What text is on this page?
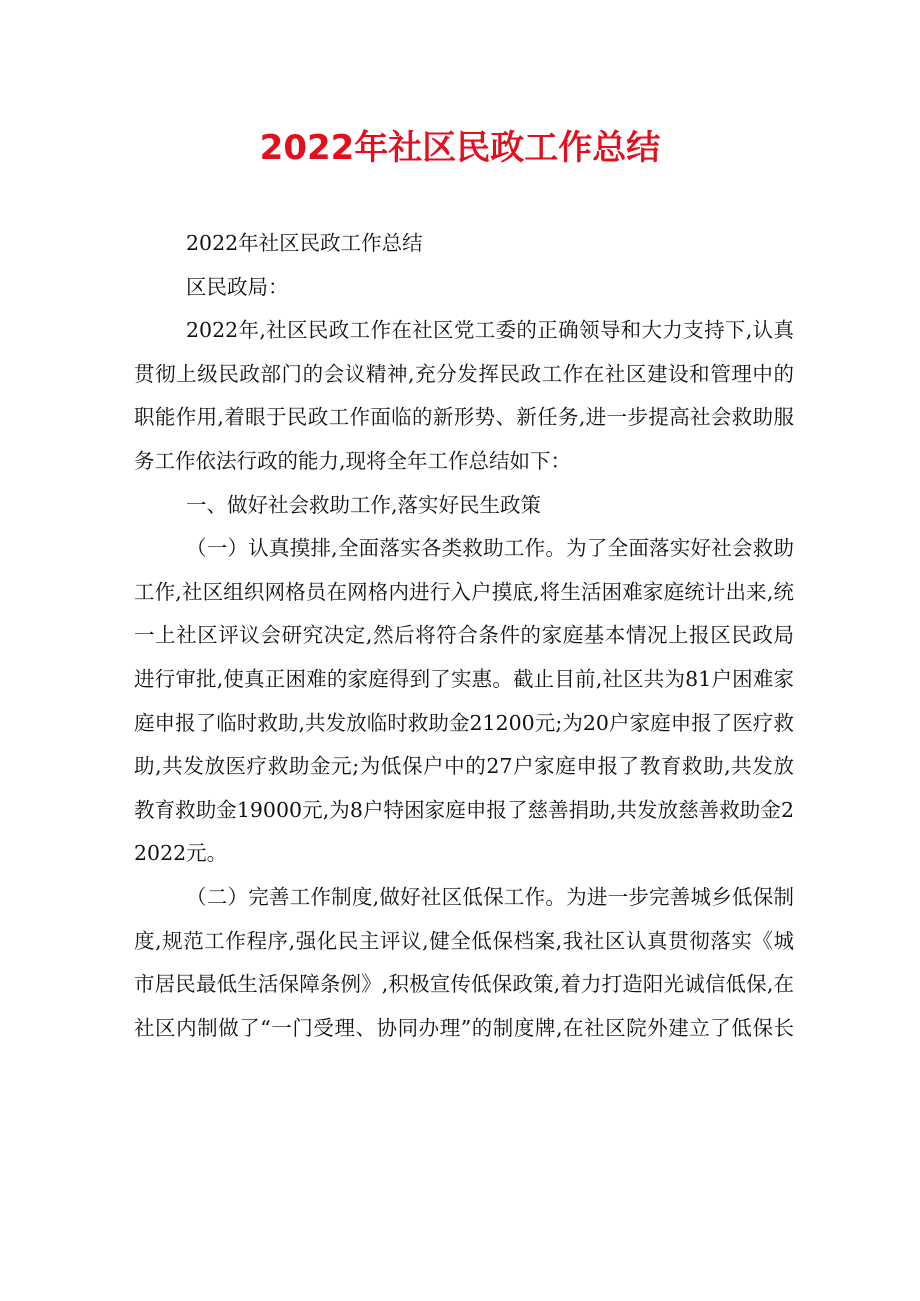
2022年社区民政工作总结

2022年社区民政工作总结

区民政局：

2022年,社区民政工作在社区党工委的正确领导和大力支持下,认真贯彻上级民政部门的会议精神,充分发挥民政工作在社区建设和管理中的职能作用,着眼于民政工作面临的新形势、新任务,进一步提高社会救助服务工作依法行政的能力,现将全年工作总结如下：

一、做好社会救助工作,落实好民生政策

（一）认真摸排,全面落实各类救助工作。为了全面落实好社会救助工作,社区组织网格员在网格内进行入户摸底,将生活困难家庭统计出来,统一上社区评议会研究决定,然后将符合条件的家庭基本情况上报区民政局进行审批,使真正困难的家庭得到了实惠。截止目前,社区共为81户困难家庭申报了临时救助,共发放临时救助金21200元;为20户家庭申报了医疗救助,共发放医疗救助金元;为低保户中的27户家庭申报了教育救助,共发放教育救助金19000元,为8户特困家庭申报了慈善捐助,共发放慈善救助金22022元。

（二）完善工作制度,做好社区低保工作。为进一步完善城乡低保制度,规范工作程序,强化民主评议,健全低保档案,我社区认真贯彻落实《城市居民最低生活保障条例》,积极宣传低保政策,着力打造阳光诚信低保,在社区内制做了“一门受理、协同办理”的制度牌,在社区院外建立了低保长
